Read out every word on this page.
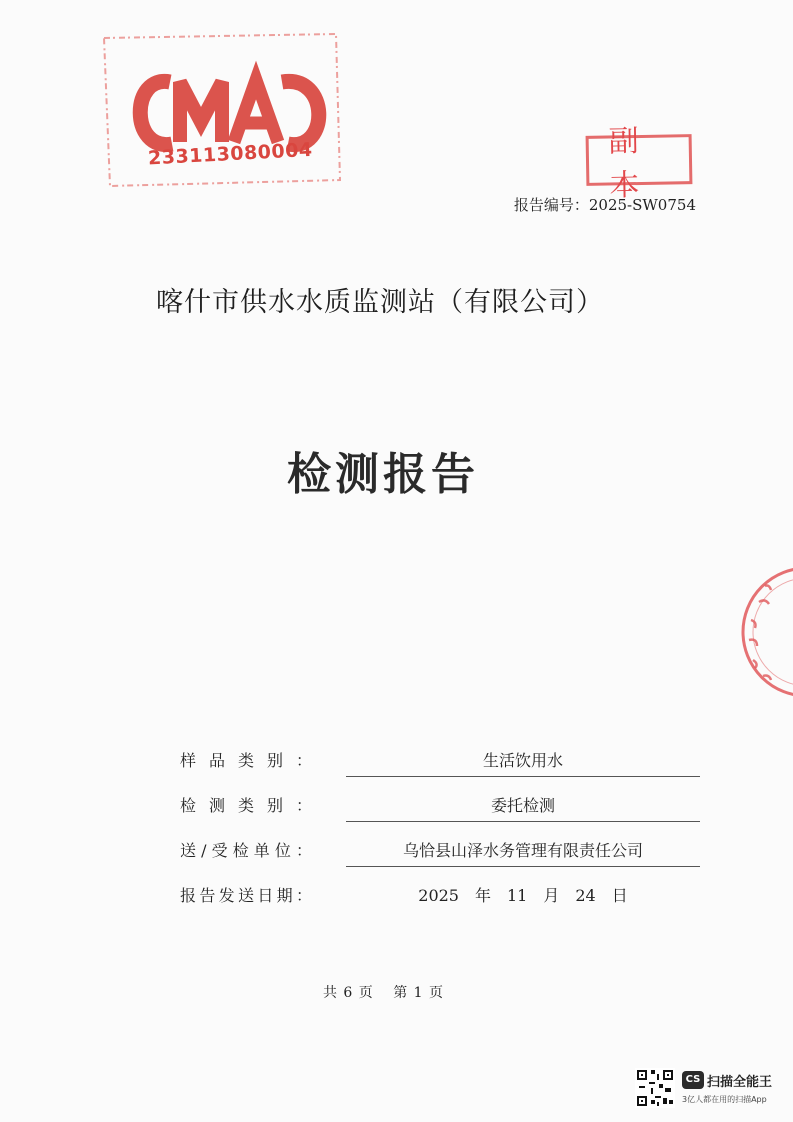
233113080004	副本
报告编号：2025-SW0754
喀什市供水水质监测站（有限公司）
检测报告
样品类别：	生活饮用水
检测类别：	委托检测
送/受检单位：	乌恰县山泽水务管理有限责任公司
报告发送日期：	2025　年　11　月　24　日
共 6 页　 第 1 页
CS 扫描全能王
3亿人都在用的扫描App
